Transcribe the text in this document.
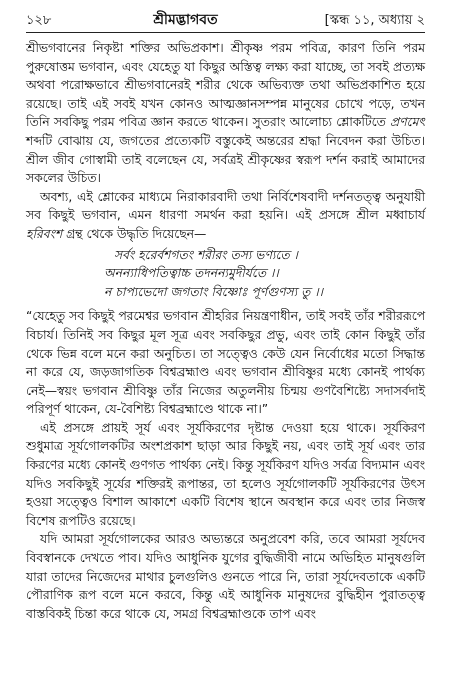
১২৮	শ্রীমদ্ভাগবত	[স্কন্ধ ১১, অধ্যায় ২

শ্রীভগবানের নিকৃষ্টা শক্তির অভিপ্রকাশ। শ্রীকৃষ্ণ পরম পবিত্র, কারণ তিনি পরম পুরুষোত্তম ভগবান, এবং যেহেতু যা কিছুর অস্তিত্ব লক্ষ্য করা যাচ্ছে, তা সবই প্রত্যক্ষ অথবা পরোক্ষভাবে শ্রীভগবানেরই শরীর থেকে অভিব্যক্ত তথা অভিপ্রকাশিত হয়ে রয়েছে। তাই এই সবই যখন কোনও আত্মজ্ঞানসম্পন্ন মানুষের চোখে পড়ে, তখন তিনি সবকিছু পরম পবিত্র জ্ঞান করতে থাকেন। সুতরাং আলোচ্য শ্লোকটিতে প্রণমেৎ শব্দটি বোঝায় যে, জগতের প্রত্যেকটি বস্তুকেই অন্তরের শ্রদ্ধা নিবেদন করা উচিত। শ্রীল জীব গোস্বামী তাই বলেছেন যে, সর্বত্রই শ্রীকৃষ্ণের স্বরূপ দর্শন করাই আমাদের সকলের উচিত।

অবশ্য, এই শ্লোকের মাধ্যমে নিরাকারবাদী তথা নির্বিশেষবাদী দর্শনতত্ত্ব অনুযায়ী সব কিছুই ভগবান, এমন ধারণা সমর্থন করা হয়নি। এই প্রসঙ্গে শ্রীল মধ্বাচার্য হরিবংশ গ্রন্থ থেকে উদ্ধৃতি দিয়েছেন—

সর্বং হরের্বশগতং শরীরং তস্য ভণ্যতে ।
অনন্যাধিপতিত্বাচ্চ তদনন্যমুদীর্যতে ।।
ন চাপ্যভেদো জগতাং বিষ্ণোঃ পূর্ণগুণস্য তু ।।

“যেহেতু সব কিছুই পরমেশ্বর ভগবান শ্রীহরির নিয়ন্ত্রণাধীন, তাই সবই তাঁর শরীররূপে বিচার্য। তিনিই সব কিছুর মূল সূত্র এবং সবকিছুর প্রভু, এবং তাই কোন কিছুই তাঁর থেকে ভিন্ন বলে মনে করা অনুচিত। তা সত্ত্বেও কেউ যেন নির্বোধের মতো সিদ্ধান্ত না করে যে, জড়জাগতিক বিশ্বব্রহ্মাণ্ড এবং ভগবান শ্রীবিষ্ণুর মধ্যে কোনই পার্থক্য নেই—স্বয়ং ভগবান শ্রীবিষ্ণু তাঁর নিজের অতুলনীয় চিন্ময় গুণবৈশিষ্ট্যে সদাসর্বদাই পরিপূর্ণ থাকেন, যে-বৈশিষ্ট্য বিশ্বব্রহ্মাণ্ডে থাকে না।”

এই প্রসঙ্গে প্রায়ই সূর্য এবং সূর্যকিরণের দৃষ্টান্ত দেওয়া হয়ে থাকে। সূর্যকিরণ শুধুমাত্র সূর্যগোলকটির অংশপ্রকাশ ছাড়া আর কিছুই নয়, এবং তাই সূর্য এবং তার কিরণের মধ্যে কোনই গুণগত পার্থক্য নেই। কিন্তু সূর্যকিরণ যদিও সর্বত্র বিদ্যমান এবং যদিও সবকিছুই সূর্যের শক্তিরই রূপান্তর, তা হলেও সূর্যগোলকটি সূর্যকিরণের উৎস হওয়া সত্ত্বেও বিশাল আকাশে একটি বিশেষ স্থানে অবস্থান করে এবং তার নিজস্ব বিশেষ রূপটিও রয়েছে।

যদি আমরা সূর্যগোলকের আরও অভ্যন্তরে অনুপ্রবেশ করি, তবে আমরা সূর্যদেব বিবস্বানকে দেখতে পাব। যদিও আধুনিক যুগের বুদ্ধিজীবী নামে অভিহিত মানুষগুলি যারা তাদের নিজেদের মাথার চুলগুলিও গুনতে পারে নি, তারা সূর্যদেবতাকে একটি পৌরাণিক রূপ বলে মনে করবে, কিন্তু এই আধুনিক মানুষদের বুদ্ধিহীন পুরাতত্ত্ব বাস্তবিকই চিন্তা করে থাকে যে, সমগ্র বিশ্বব্রহ্মাণ্ডকে তাপ এবং
